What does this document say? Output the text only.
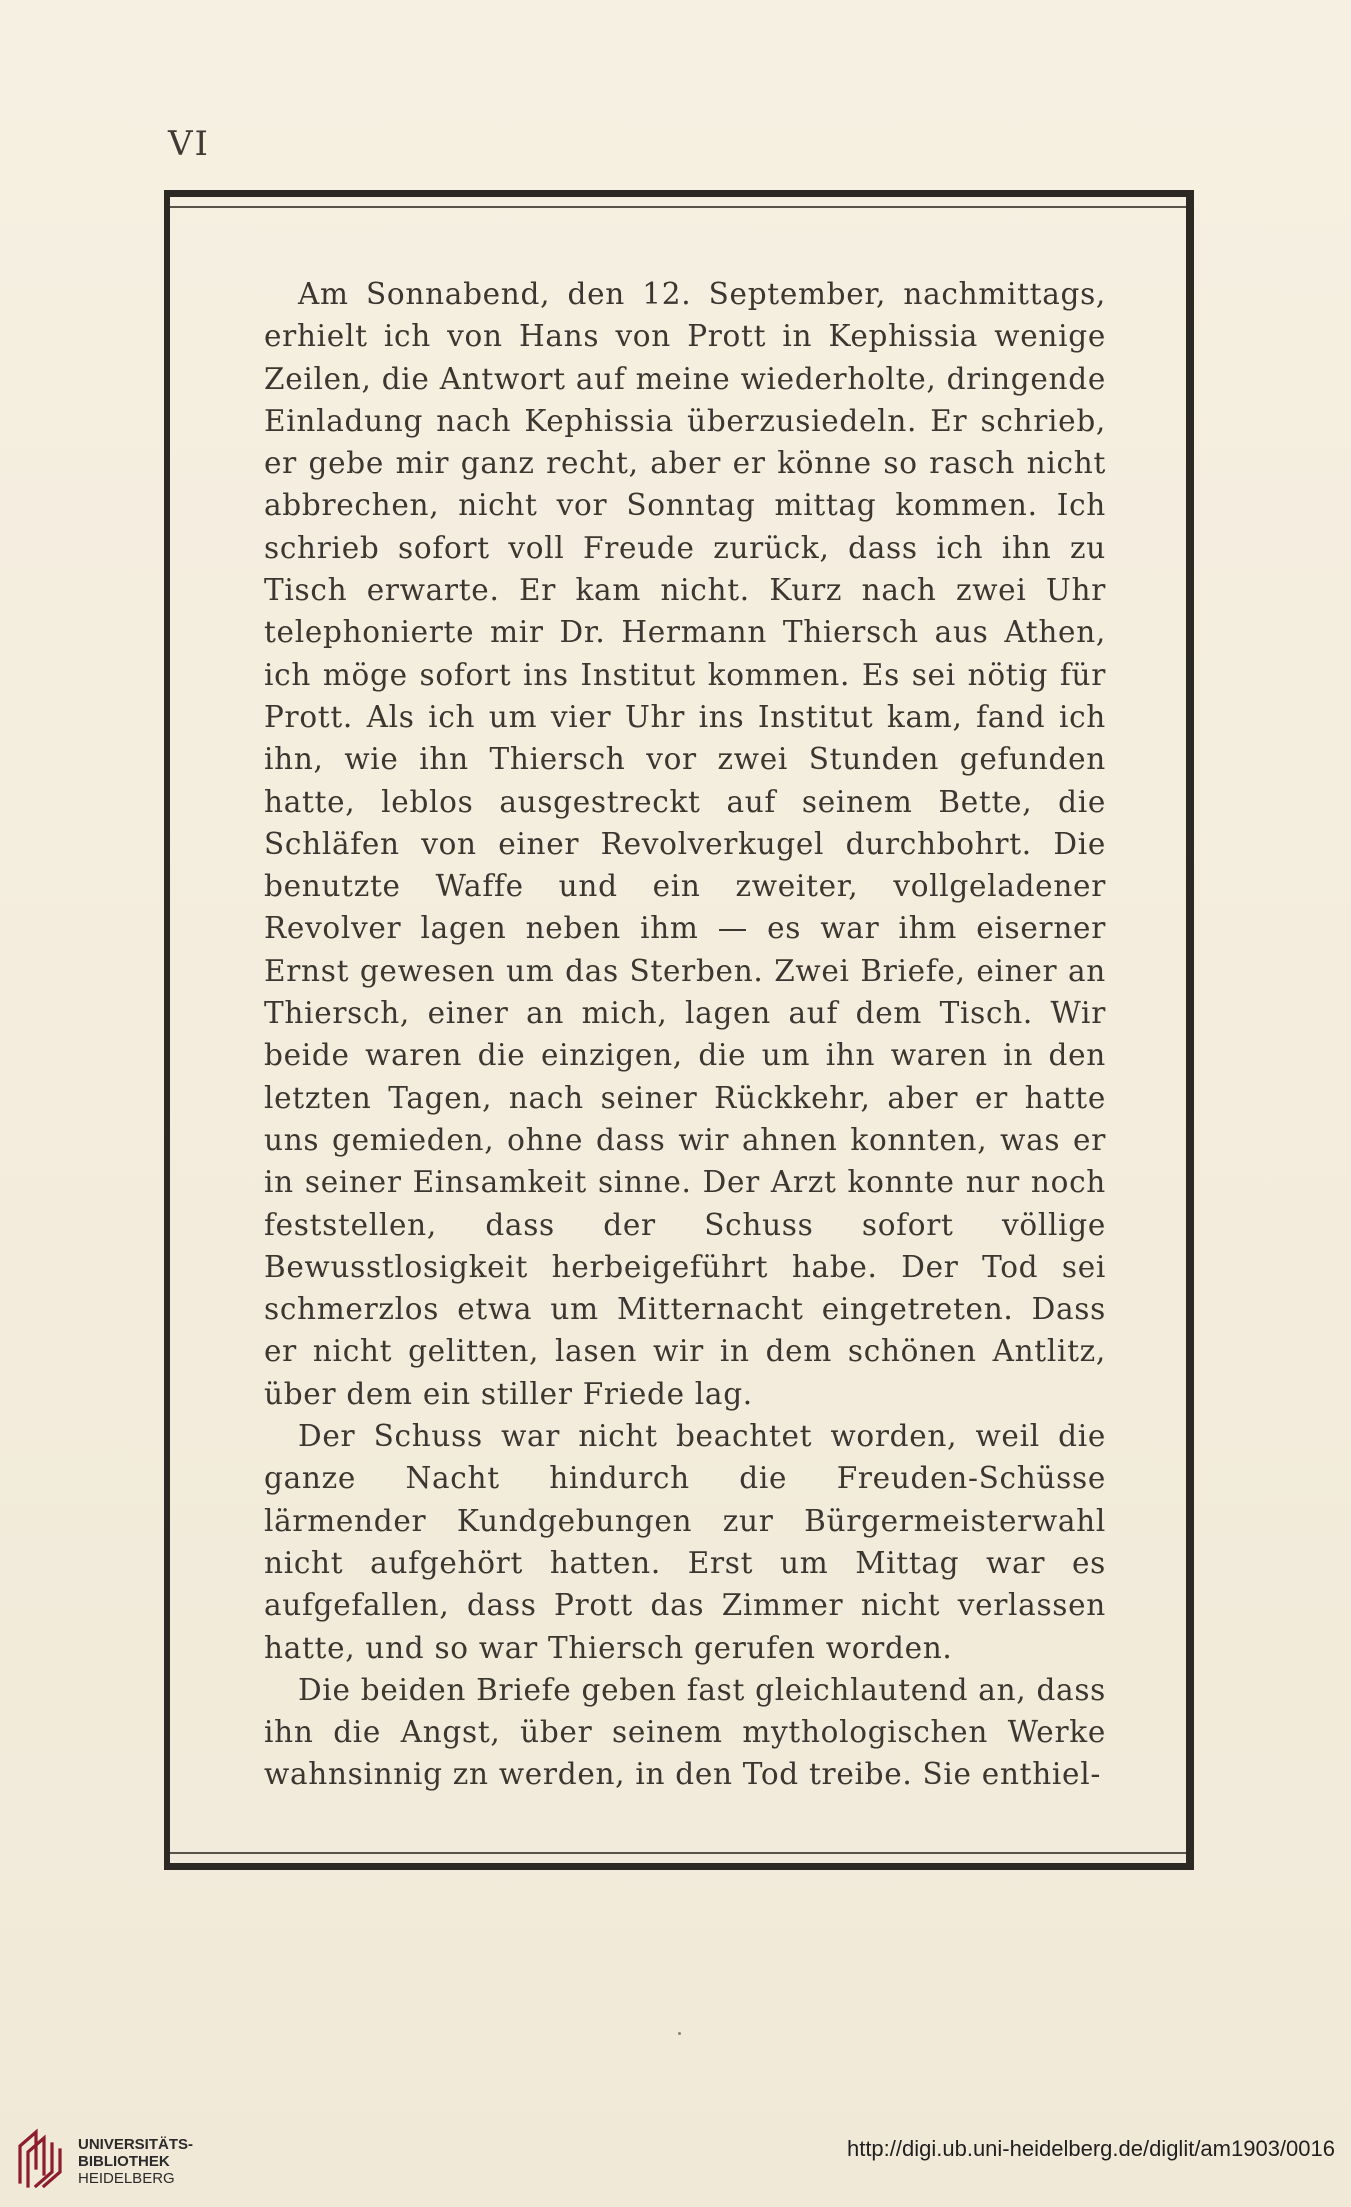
VI

Am Sonnabend, den 12. September, nachmittags, erhielt ich von Hans von Prott in Kephissia wenige Zeilen, die Antwort auf meine wiederholte, dringende Einladung nach Kephissia überzusiedeln. Er schrieb, er gebe mir ganz recht, aber er könne so rasch nicht abbrechen, nicht vor Sonntag mittag kommen. Ich schrieb sofort voll Freude zurück, dass ich ihn zu Tisch erwarte. Er kam nicht. Kurz nach zwei Uhr telephonierte mir Dr. Hermann Thiersch aus Athen, ich möge sofort ins Institut kommen. Es sei nötig für Prott. Als ich um vier Uhr ins Institut kam, fand ich ihn, wie ihn Thiersch vor zwei Stunden gefunden hatte, leblos ausgestreckt auf seinem Bette, die Schläfen von einer Revolverkugel durchbohrt. Die benutzte Waffe und ein zweiter, vollgeladener Revolver lagen neben ihm — es war ihm eiserner Ernst gewesen um das Sterben. Zwei Briefe, einer an Thiersch, einer an mich, lagen auf dem Tisch. Wir beide waren die einzigen, die um ihn waren in den letzten Tagen, nach seiner Rückkehr, aber er hatte uns gemieden, ohne dass wir ahnen konnten, was er in seiner Einsamkeit sinne. Der Arzt konnte nur noch feststellen, dass der Schuss sofort völlige Bewusstlosigkeit herbeigeführt habe. Der Tod sei schmerzlos etwa um Mitternacht eingetreten. Dass er nicht gelitten, lasen wir in dem schönen Antlitz, über dem ein stiller Friede lag.

Der Schuss war nicht beachtet worden, weil die ganze Nacht hindurch die Freuden-Schüsse lärmender Kundgebungen zur Bürgermeisterwahl nicht aufgehört hatten. Erst um Mittag war es aufgefallen, dass Prott das Zimmer nicht verlassen hatte, und so war Thiersch gerufen worden.

Die beiden Briefe geben fast gleichlautend an, dass ihn die Angst, über seinem mythologischen Werke wahnsinnig zn werden, in den Tod treibe. Sie enthiel-

UNIVERSITÄTS-
BIBLIOTHEK
HEIDELBERG
http://digi.ub.uni-heidelberg.de/diglit/am1903/0016
